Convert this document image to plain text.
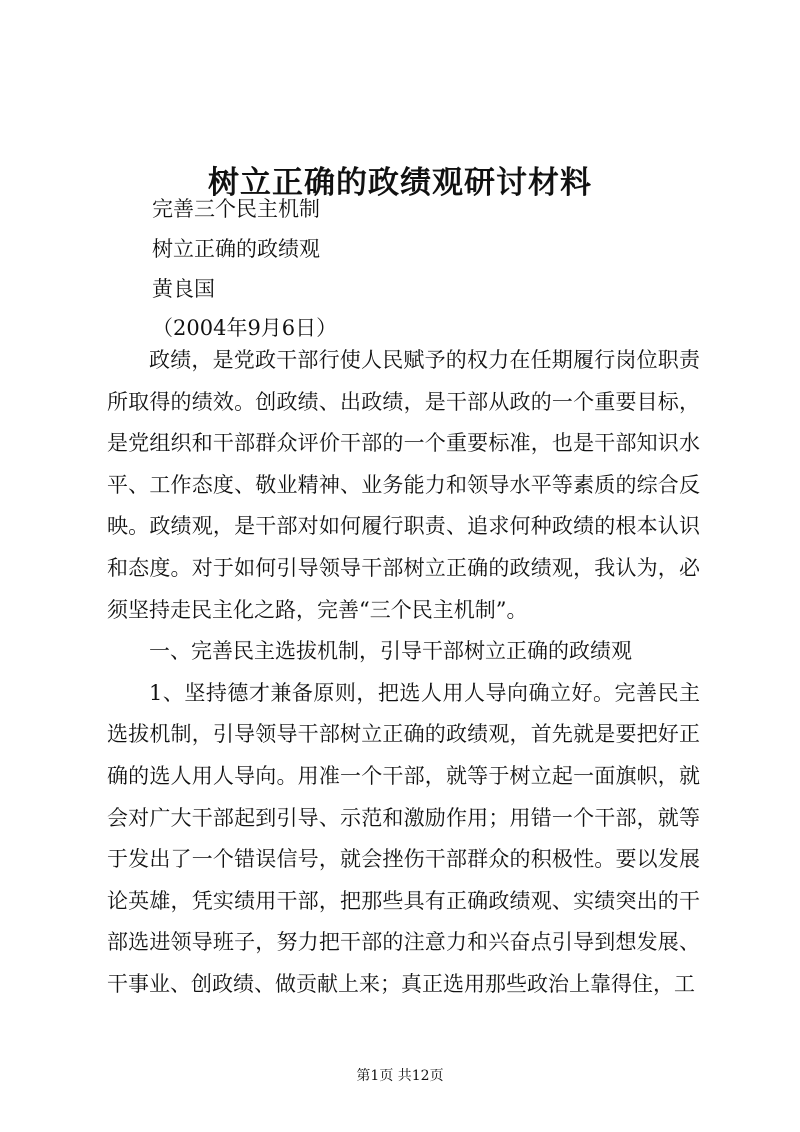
树立正确的政绩观研讨材料
完善三个民主机制
树立正确的政绩观
黄良国
（2004年9月6日）

政绩，是党政干部行使人民赋予的权力在任期履行岗位职责所取得的绩效。创政绩、出政绩，是干部从政的一个重要目标，是党组织和干部群众评价干部的一个重要标准，也是干部知识水平、工作态度、敬业精神、业务能力和领导水平等素质的综合反映。政绩观，是干部对如何履行职责、追求何种政绩的根本认识和态度。对于如何引导领导干部树立正确的政绩观，我认为，必须坚持走民主化之路，完善“三个民主机制”。

一、完善民主选拔机制，引导干部树立正确的政绩观

1、坚持德才兼备原则，把选人用人导向确立好。完善民主选拔机制，引导领导干部树立正确的政绩观，首先就是要把好正确的选人用人导向。用准一个干部，就等于树立起一面旗帜，就会对广大干部起到引导、示范和激励作用；用错一个干部，就等于发出了一个错误信号，就会挫伤干部群众的积极性。要以发展论英雄，凭实绩用干部，把那些具有正确政绩观、实绩突出的干部选进领导班子，努力把干部的注意力和兴奋点引导到想发展、干事业、创政绩、做贡献上来；真正选用那些政治上靠得住，工

第1页 共12页
